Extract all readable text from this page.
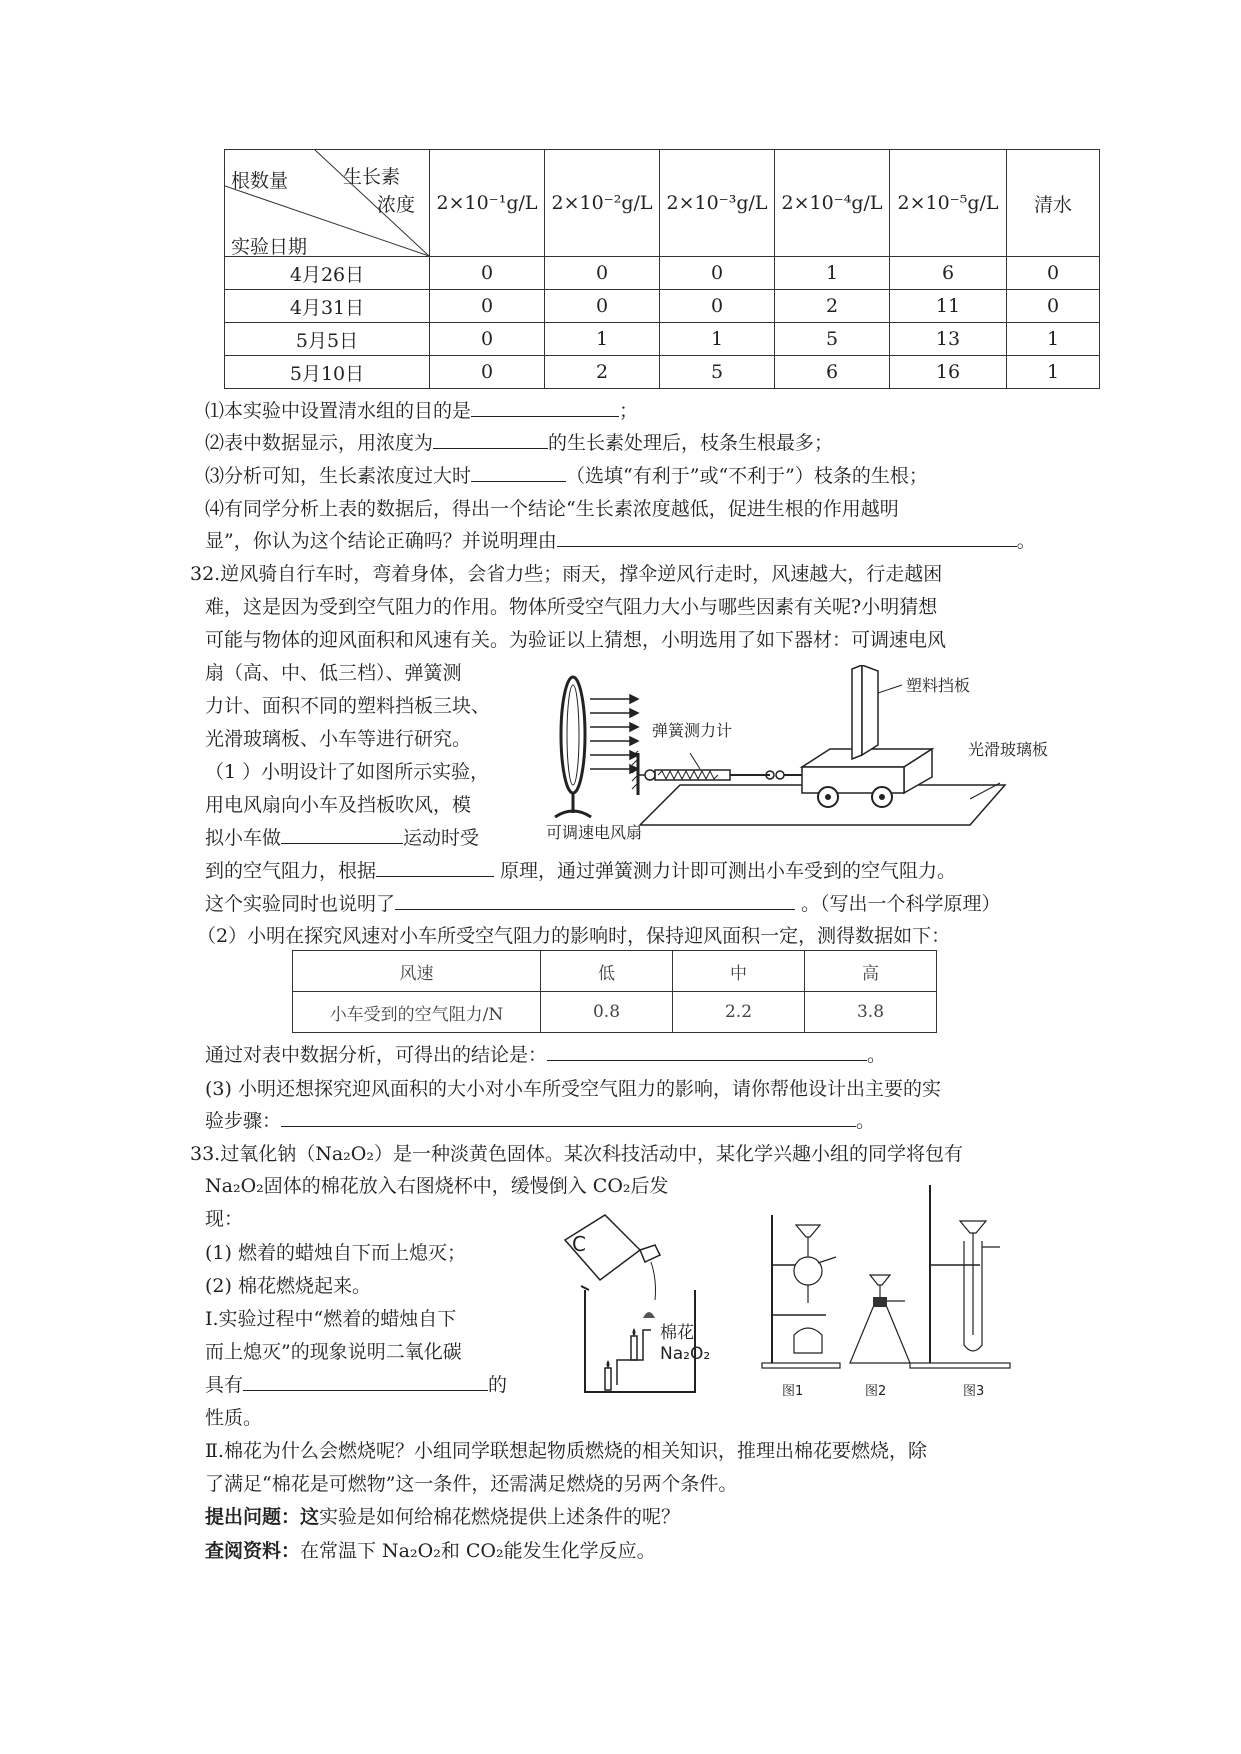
生长素
浓度
根数量
实验日期	2×10⁻¹g/L	2×10⁻²g/L	2×10⁻³g/L	2×10⁻⁴g/L	2×10⁻⁵g/L	清水
4月26日	0	0	0	1	6	0
4月31日	0	0	0	2	11	0
5月5日	0	1	1	5	13	1
5月10日	0	2	5	6	16	1
⑴本实验中设置清水组的目的是	；
⑵表中数据显示，用浓度为	的生长素处理后，枝条生根最多；
⑶分析可知，生长素浓度过大时	（选填“有利于”或“不利于”）枝条的生根；
⑷有同学分析上表的数据后，得出一个结论“生长素浓度越低，促进生根的作用越明
显”，你认为这个结论正确吗？并说明理由	。
32.逆风骑自行车时，弯着身体，会省力些；雨天，撑伞逆风行走时，风速越大，行走越困
难，这是因为受到空气阻力的作用。物体所受空气阻力大小与哪些因素有关呢?小明猜想
可能与物体的迎风面积和风速有关。为验证以上猜想，小明选用了如下器材：可调速电风
扇（高、中、低三档）、弹簧测
力计、面积不同的塑料挡板三块、
光滑玻璃板、小车等进行研究。
（1 ）小明设计了如图所示实验，
用电风扇向小车及挡板吹风，模
拟小车做	运动时受
到的空气阻力，根据	原理，通过弹簧测力计即可测出小车受到的空气阻力。
这个实验同时也说明了	。（写出一个科学原理）
（2）小明在探究风速对小车所受空气阻力的影响时，保持迎风面积一定，测得数据如下：
塑料挡板
弹簧测力计
光滑玻璃板
可调速电风扇
风速	低	中	高
小车受到的空气阻力/N	0.8	2.2	3.8
通过对表中数据分析，可得出的结论是：	。
(3) 小明还想探究迎风面积的大小对小车所受空气阻力的影响，请你帮他设计出主要的实
验步骤：	。
33.过氧化钠（Na₂O₂）是一种淡黄色固体。某次科技活动中，某化学兴趣小组的同学将包有
Na₂O₂固体的棉花放入右图烧杯中，缓慢倒入 CO₂后发
现：
(1) 燃着的蜡烛自下而上熄灭；
(2) 棉花燃烧起来。
Ⅰ.实验过程中“燃着的蜡烛自下
而上熄灭”的现象说明二氧化碳
具有	的
性质。
Ⅱ.棉花为什么会燃烧呢？小组同学联想起物质燃烧的相关知识，推理出棉花要燃烧，除
了满足“棉花是可燃物”这一条件，还需满足燃烧的另两个条件。
提出问题：这实验是如何给棉花燃烧提供上述条件的呢？
查阅资料：在常温下 Na₂O₂和 CO₂能发生化学反应。
C
棉花
Na₂O₂
图1	图2	图3
